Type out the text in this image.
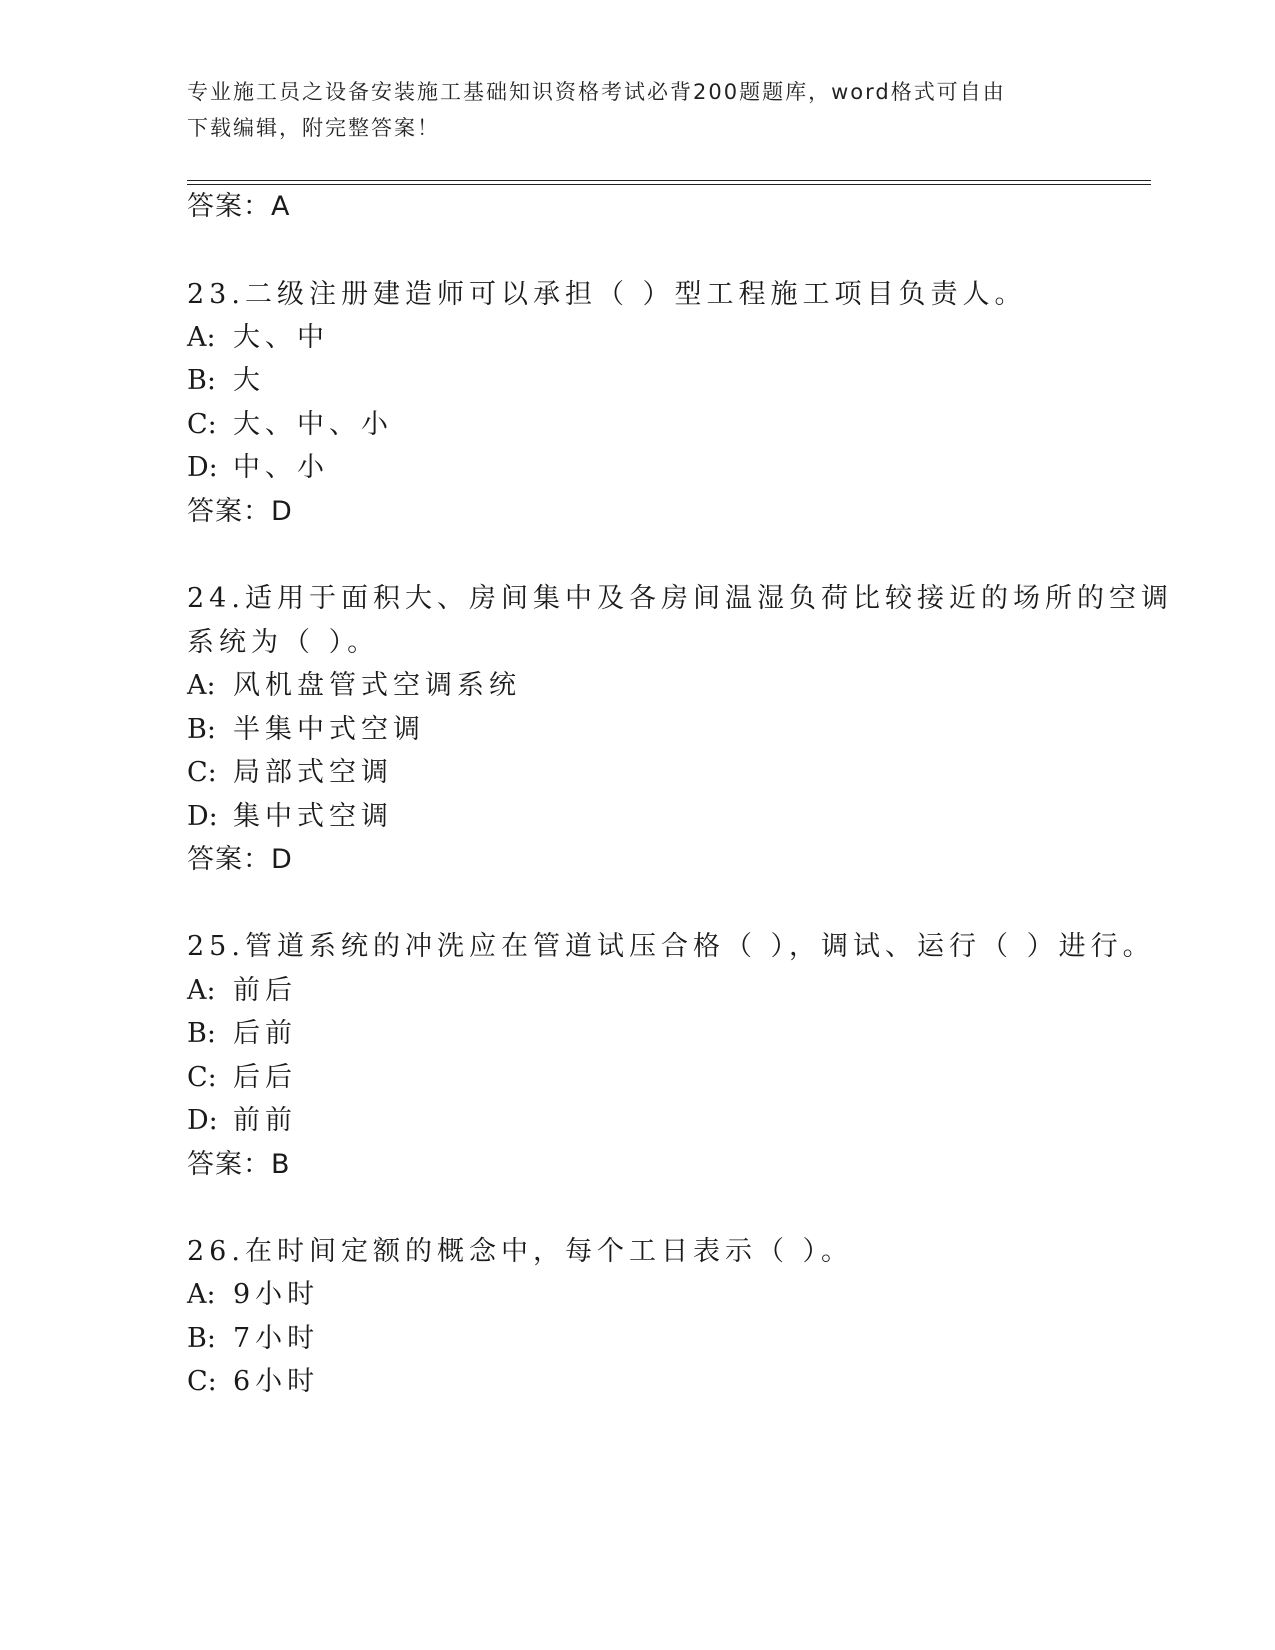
专业施工员之设备安装施工基础知识资格考试必背200题题库，word格式可自由
下载编辑，附完整答案！
答案：A
23.二级注册建造师可以承担（ ）型工程施工项目负责人。
A: 大、中
B: 大
C: 大、中、小
D: 中、小
答案：D
24.适用于面积大、房间集中及各房间温湿负荷比较接近的场所的空调
系统为（ ）。
A: 风机盘管式空调系统
B: 半集中式空调
C: 局部式空调
D: 集中式空调
答案：D
25.管道系统的冲洗应在管道试压合格（ ），调试、运行（ ）进行。
A: 前后
B: 后前
C: 后后
D: 前前
答案：B
26.在时间定额的概念中，每个工日表示（ ）。
A: 9小时
B: 7小时
C: 6小时
